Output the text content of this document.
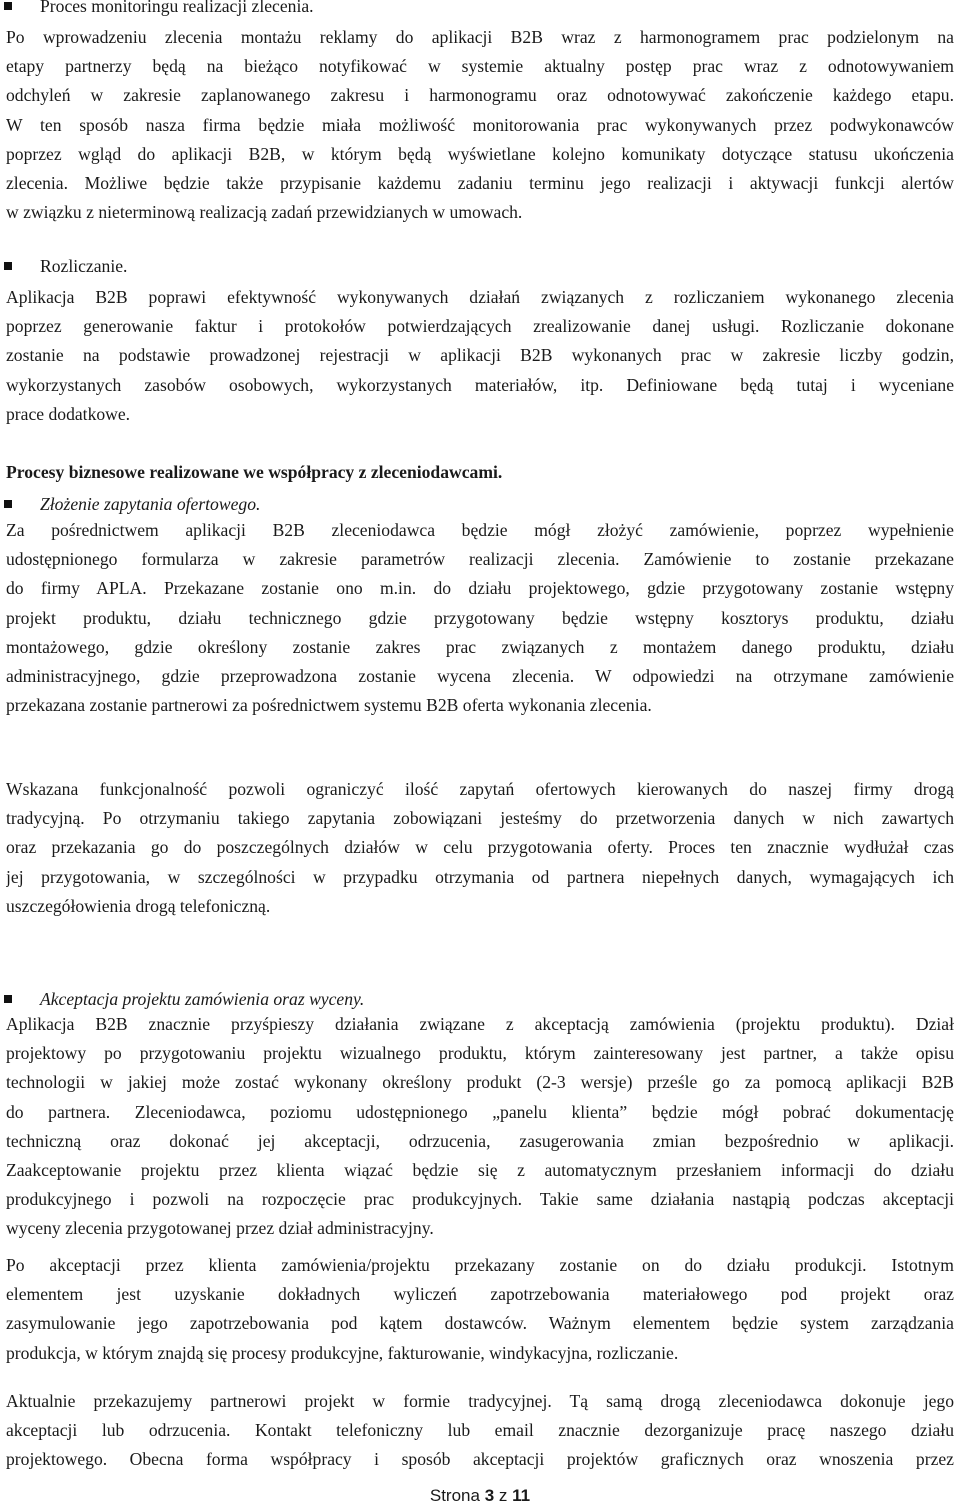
Proces monitoringu realizacji zlecenia.
Po wprowadzeniu zlecenia montażu reklamy do aplikacji B2B wraz z harmonogramem prac podzielonym na
etapy partnerzy będą na bieżąco notyfikować w systemie aktualny postęp prac wraz z odnotowywaniem
odchyleń w zakresie zaplanowanego zakresu i harmonogramu oraz odnotowywać zakończenie każdego etapu.
W ten sposób nasza firma będzie miała możliwość monitorowania prac wykonywanych przez podwykonawców
poprzez wgląd do aplikacji B2B, w którym będą wyświetlane kolejno komunikaty dotyczące statusu ukończenia
zlecenia. Możliwe będzie także przypisanie każdemu zadaniu terminu jego realizacji i aktywacji funkcji alertów
w związku z nieterminową realizacją zadań przewidzianych w umowach.
Rozliczanie.
Aplikacja B2B poprawi efektywność wykonywanych działań związanych z rozliczaniem wykonanego zlecenia
poprzez generowanie faktur i protokołów potwierdzających zrealizowanie danej usługi. Rozliczanie dokonane
zostanie na podstawie prowadzonej rejestracji w aplikacji B2B wykonanych prac w zakresie liczby godzin,
wykorzystanych zasobów osobowych, wykorzystanych materiałów, itp. Definiowane będą tutaj i wyceniane
prace dodatkowe.
Procesy biznesowe realizowane we współpracy z zleceniodawcami.
Złożenie zapytania ofertowego.
Za pośrednictwem aplikacji B2B zleceniodawca będzie mógł złożyć zamówienie, poprzez wypełnienie
udostępnionego formularza w zakresie parametrów realizacji zlecenia. Zamówienie to zostanie przekazane
do firmy APLA. Przekazane zostanie ono m.in. do działu projektowego, gdzie przygotowany zostanie wstępny
projekt produktu, działu technicznego gdzie przygotowany będzie wstępny kosztorys produktu, działu
montażowego, gdzie określony zostanie zakres prac związanych z montażem danego produktu, działu
administracyjnego, gdzie przeprowadzona zostanie wycena zlecenia. W odpowiedzi na otrzymane zamówienie
przekazana zostanie partnerowi za pośrednictwem systemu B2B oferta wykonania zlecenia.
Wskazana funkcjonalność pozwoli ograniczyć ilość zapytań ofertowych kierowanych do naszej firmy drogą
tradycyjną. Po otrzymaniu takiego zapytania zobowiązani jesteśmy do przetworzenia danych w nich zawartych
oraz przekazania go do poszczególnych działów w celu przygotowania oferty. Proces ten znacznie wydłużał czas
jej przygotowania, w szczególności w przypadku otrzymania od partnera niepełnych danych, wymagających ich
uszczegółowienia drogą telefoniczną.
Akceptacja projektu zamówienia oraz wyceny.
Aplikacja B2B znacznie przyśpieszy działania związane z akceptacją zamówienia (projektu produktu). Dział
projektowy po przygotowaniu projektu wizualnego produktu, którym zainteresowany jest partner, a także opisu
technologii w jakiej może zostać wykonany określony produkt (2-3 wersje) prześle go za pomocą aplikacji B2B
do partnera. Zleceniodawca, poziomu udostępnionego „panelu klienta” będzie mógł pobrać dokumentację
techniczną oraz dokonać jej akceptacji, odrzucenia, zasugerowania zmian bezpośrednio w aplikacji.
Zaakceptowanie projektu przez klienta wiązać będzie się z automatycznym przesłaniem informacji do działu
produkcyjnego i pozwoli na rozpoczęcie prac produkcyjnych. Takie same działania nastąpią podczas akceptacji
wyceny zlecenia przygotowanej przez dział administracyjny.
Po akceptacji przez klienta zamówienia/projektu przekazany zostanie on do działu produkcji. Istotnym
elementem jest uzyskanie dokładnych wyliczeń zapotrzebowania materiałowego pod projekt oraz
zasymulowanie jego zapotrzebowania pod kątem dostawców. Ważnym elementem będzie system zarządzania
produkcja, w którym znajdą się procesy produkcyjne, fakturowanie, windykacyjna, rozliczanie.
Aktualnie przekazujemy partnerowi projekt w formie tradycyjnej. Tą samą drogą zleceniodawca dokonuje jego
akceptacji lub odrzucenia. Kontakt telefoniczny lub email znacznie dezorganizuje pracę naszego działu
projektowego. Obecna forma współpracy i sposób akceptacji projektów graficznych oraz wnoszenia przez
Strona 3 z 11
